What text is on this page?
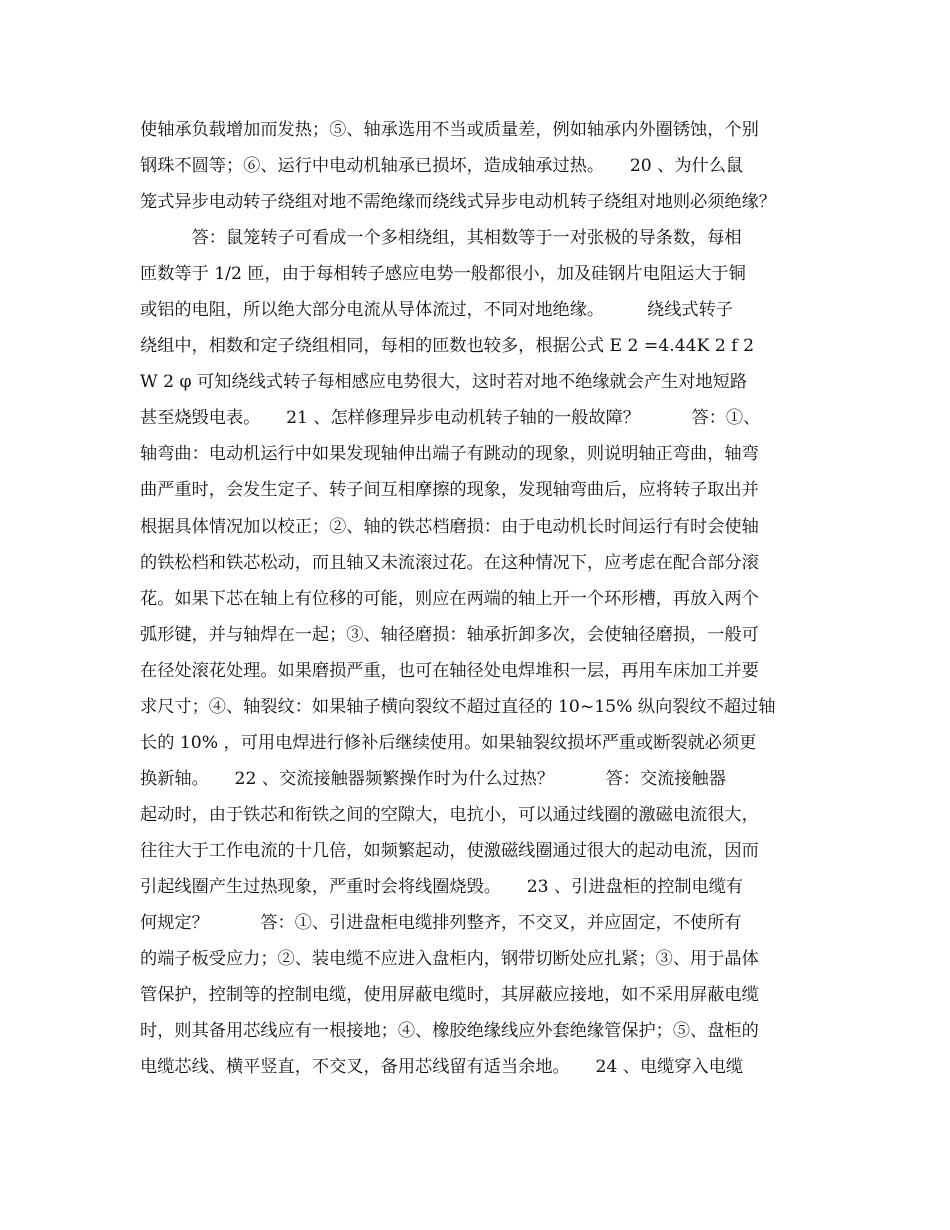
使轴承负载增加而发热；⑤、轴承选用不当或质量差，例如轴承内外圈锈蚀，个别
钢珠不圆等；⑥、运行中电动机轴承已损坏，造成轴承过热。　　20 、为什么鼠
笼式异步电动转子绕组对地不需绝缘而绕线式异步电动机转子绕组对地则必须绝缘？
　　　答：鼠笼转子可看成一个多相绕组，其相数等于一对张极的导条数，每相
匝数等于 1/2 匝，由于每相转子感应电势一般都很小，加及硅钢片电阻运大于铜
或铝的电阻，所以绝大部分电流从导体流过，不同对地绝缘。　　　绕线式转子
绕组中，相数和定子绕组相同，每相的匝数也较多，根据公式 E 2 =4.44K 2 f 2
W 2 φ 可知绕线式转子每相感应电势很大，这时若对地不绝缘就会产生对地短路
甚至烧毁电表。　　21 、怎样修理异步电动机转子轴的一般故障？　　　答：①、
轴弯曲：电动机运行中如果发现轴伸出端子有跳动的现象，则说明轴正弯曲，轴弯
曲严重时，会发生定子、转子间互相摩擦的现象，发现轴弯曲后，应将转子取出并
根据具体情况加以校正；②、轴的铁芯档磨损：由于电动机长时间运行有时会使轴
的铁松档和铁芯松动，而且轴又未流滚过花。在这种情况下，应考虑在配合部分滚
花。如果下芯在轴上有位移的可能，则应在两端的轴上开一个环形槽，再放入两个
弧形键，并与轴焊在一起；③、轴径磨损：轴承折卸多次，会使轴径磨损，一般可
在径处滚花处理。如果磨损严重，也可在轴径处电焊堆积一层，再用车床加工并要
求尺寸；④、轴裂纹：如果轴子横向裂纹不超过直径的 10~15% 纵向裂纹不超过轴
长的 10% ，可用电焊进行修补后继续使用。如果轴裂纹损坏严重或断裂就必须更
换新轴。　　22 、交流接触器频繁操作时为什么过热？　　　答：交流接触器
起动时，由于铁芯和衔铁之间的空隙大，电抗小，可以通过线圈的激磁电流很大，
往往大于工作电流的十几倍，如频繁起动，使激磁线圈通过很大的起动电流，因而
引起线圈产生过热现象，严重时会将线圈烧毁。　　23 、引进盘柜的控制电缆有
何规定？　　　答：①、引进盘柜电缆排列整齐，不交叉，并应固定，不使所有
的端子板受应力；②、装电缆不应进入盘柜内，钢带切断处应扎紧；③、用于晶体
管保护，控制等的控制电缆，使用屏蔽电缆时，其屏蔽应接地，如不采用屏蔽电缆
时，则其备用芯线应有一根接地；④、橡胶绝缘线应外套绝缘管保护；⑤、盘柜的
电缆芯线、横平竖直，不交叉，备用芯线留有适当余地。　　24 、电缆穿入电缆
